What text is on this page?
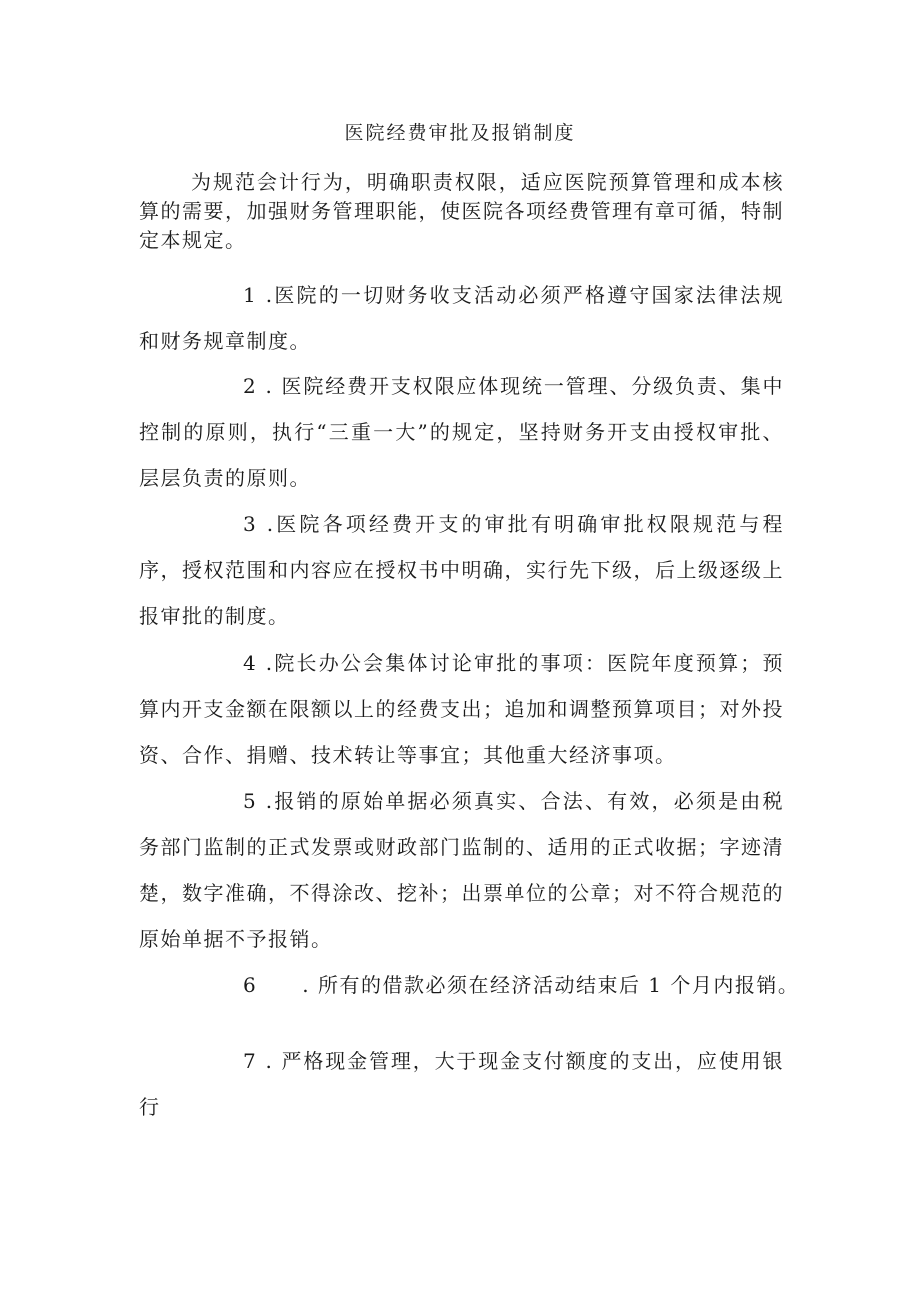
医院经费审批及报销制度
为规范会计行为，明确职责权限，适应医院预算管理和成本核算的需要，加强财务管理职能，使医院各项经费管理有章可循，特制定本规定。
1 .医院的一切财务收支活动必须严格遵守国家法律法规和财务规章制度。
2 . 医院经费开支权限应体现统一管理、分级负责、集中控制的原则，执行“三重一大”的规定，坚持财务开支由授权审批、层层负责的原则。
3 .医院各项经费开支的审批有明确审批权限规范与程序，授权范围和内容应在授权书中明确，实行先下级，后上级逐级上报审批的制度。
4 .院长办公会集体讨论审批的事项：医院年度预算；预算内开支金额在限额以上的经费支出；追加和调整预算项目；对外投资、合作、捐赠、技术转让等事宜；其他重大经济事项。
5 .报销的原始单据必须真实、合法、有效，必须是由税务部门监制的正式发票或财政部门监制的、适用的正式收据；字迹清楚，数字准确，不得涂改、挖补；出票单位的公章；对不符合规范的原始单据不予报销。
6 . 所有的借款必须在经济活动结束后 1 个月内报销。
7 . 严格现金管理，大于现金支付额度的支出，应使用银行
